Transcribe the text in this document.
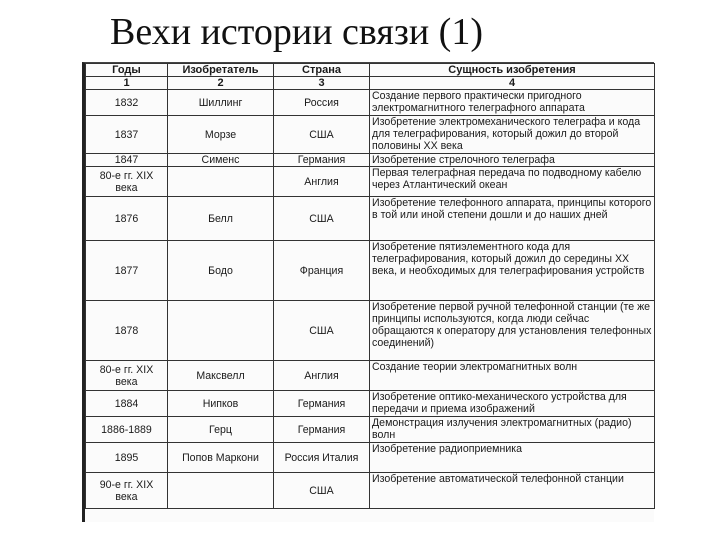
Вехи истории связи (1)
Годы	Изобретатель	Страна	Сущность изобретения
1	2	3	4
1832	Шиллинг	Россия	Создание первого практически пригодного электромагнитного телеграфного аппарата
1837	Морзе	США	Изобретение электромеханического телеграфа и кода для телеграфирования, который дожил до второй половины XX века
1847	Сименс	Германия	Изобретение стрелочного телеграфа
80-е гг. XIX века		Англия	Первая телеграфная передача по подводному кабелю через Атлантический океан
1876	Белл	США	Изобретение телефонного аппарата, принципы которого в той или иной степени дошли и до наших дней
1877	Бодо	Франция	Изобретение пятиэлементного кода для телеграфирования, который дожил до середины XX века, и необходимых для телеграфирования устройств
1878		США	Изобретение первой ручной телефонной станции (те же принципы используются, когда люди сейчас обращаются к оператору для установления телефонных соединений)
80-е гг. XIX века	Максвелл	Англия	Создание теории электромагнитных волн
1884	Нипков	Германия	Изобретение оптико-механического устройства для передачи и приема изображений
1886-1889	Герц	Германия	Демонстрация излучения электромагнитных (радио) волн
1895	Попов Маркони	Россия Италия	Изобретение радиоприемника
90-е гг. XIX века		США	Изобретение автоматической телефонной станции
